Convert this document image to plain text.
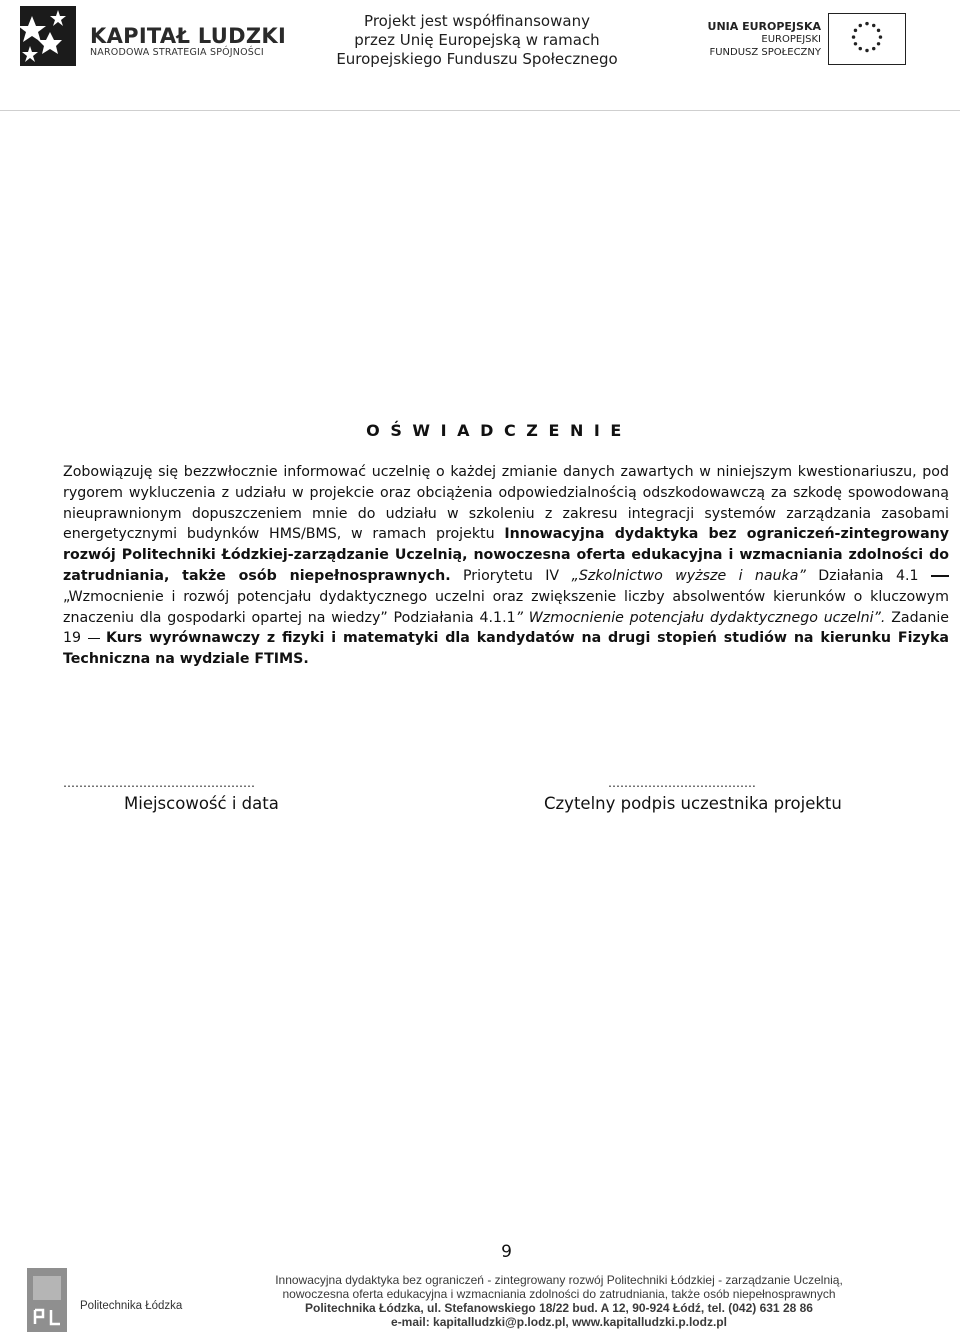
KAPITAŁ LUDZKI
NARODOWA STRATEGIA SPÓJNOŚCI
Projekt jest współfinansowany
przez Unię Europejską w ramach
Europejskiego Funduszu Społecznego
UNIA EUROPEJSKA
EUROPEJSKI
FUNDUSZ SPOŁECZNY
O Ś W I A D C Z E N I E
Zobowiązuję się bezzwłocznie informować uczelnię o każdej zmianie danych zawartych w niniejszym kwestionariuszu, pod rygorem wykluczenia z udziału w projekcie oraz obciążenia odpowiedzialnością odszkodowawczą za szkodę spowodowaną nieuprawnionym dopuszczeniem mnie do udziału w szkoleniu z zakresu integracji systemów zarządzania zasobami energetycznymi budynków HMS/BMS, w ramach projektu Innowacyjna dydaktyka bez ograniczeń-zintegrowany rozwój Politechniki Łódzkiej-zarządzanie Uczelnią, nowoczesna oferta edukacyjna i wzmacniania zdolności do zatrudniania, także osób niepełnosprawnych. Priorytetu IV „Szkolnictwo wyższe i nauka” Działania 4.1  „Wzmocnienie i rozwój potencjału dydaktycznego uczelni oraz zwiększenie liczby absolwentów kierunków o kluczowym znaczeniu dla gospodarki opartej na wiedzy” Podziałania 4.1.1” Wzmocnienie potencjału dydaktycznego uczelni”. Zadanie 19  Kurs wyrównawczy z fizyki i matematyki dla kandydatów na drugi stopień studiów na kierunku Fizyka Techniczna na wydziale FTIMS.
…………………………………………
Miejscowość i data
……………………………….
Czytelny podpis uczestnika projektu
9
Politechnika Łódzka
Innowacyjna dydaktyka bez ograniczeń - zintegrowany rozwój Politechniki Łódzkiej - zarządzanie Uczelnią,
nowoczesna oferta edukacyjna i wzmacniania zdolności do zatrudniania, także osób niepełnosprawnych
Politechnika Łódzka, ul. Stefanowskiego 18/22 bud. A 12, 90-924 Łódź, tel. (042) 631 28 86
e-mail: kapitalludzki@p.lodz.pl, www.kapitalludzki.p.lodz.pl
